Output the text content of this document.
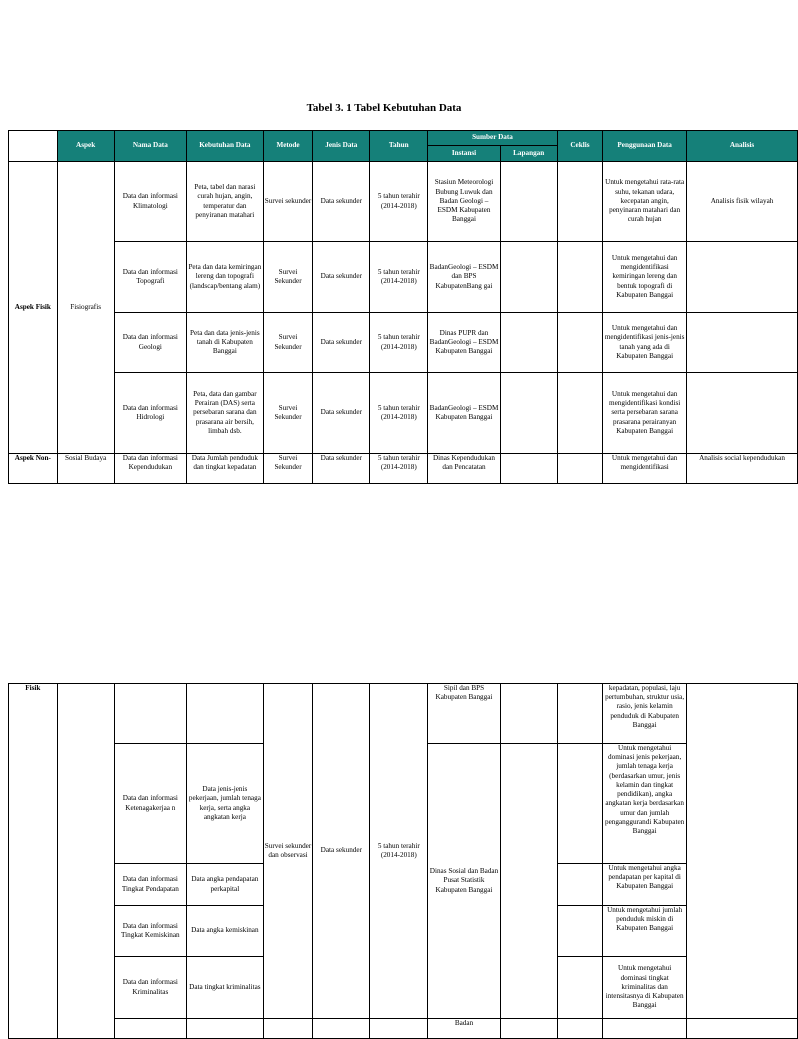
Tabel 3. 1 Tabel Kebutuhan Data
	Aspek	Nama Data	Kebutuhan Data	Metode	Jenis Data	Tahun	Sumber Data		Ceklis	Penggunaan Data	Analisis
							Instansi	Lapangan			
Aspek Fisik	Fisiografis	Data dan informasi Klimatologi	Peta, tabel dan narasi curah hujan, angin, temperatur dan penyiranan matahari	Survei sekunder	Data sekunder	5 tahun terahir (2014-2018)	Stasiun Meteorologi Bubung Luwuk dan Badan Geologi – ESDM Kabupaten Banggai			Untuk mengetahui rata-rata suhu, tekanan udara, kecepatan angin, penyinaran matahari dan curah hujan	Analisis fisik wilayah
		Data dan informasi Topografi	Peta dan data kemiringan lereng dan topografi (landscap/bentang alam)	Survei Sekunder	Data sekunder	5 tahun terahir (2014-2018)	BadanGeologi – ESDM dan BPS KabupatenBang gai			Untuk mengetahui dan mengidentifikasi kemiringan lereng dan bentuk topografi di Kabupaten Banggai	
		Data dan informasi Geologi	Peta dan data jenis-jenis tanah di Kabupaten Banggai	Survei Sekunder	Data sekunder	5 tahun terahir (2014-2018)	Dinas PUPR dan BadanGeologi – ESDM Kabupaten Banggai			Untuk mengetahui dan mengidentifikasi jenis-jenis tanah yang ada di Kabupaten Banggai	
		Data dan informasi Hidrologi	Peta, data dan gambar Perairan (DAS) serta persebaran sarana dan prasarana air bersih, limbah dsb.	Survei Sekunder	Data sekunder	5 tahun terahir (2014-2018)	BadanGeologi – ESDM Kabupaten Banggai			Untuk mengetahui dan mengidentifikasi kondisi serta persebaran sarana prasarana perairanyan Kabupaten Banggai	
Aspek Non-	Sosial Budaya	Data dan informasi Kependudukan	Data Jumlah penduduk dan tingkat kepadatan	Survei Sekunder	Data sekunder	5 tahun terahir (2014-2018)	Dinas Kependudukan dan Pencatatan			Untuk mengetahui dan mengidentifikasi	Analisis social kependudukan
Fisik				Survei sekunder dan observasi	Data sekunder	5 tahun terahir (2014-2018)	Sipil dan BPS Kabupaten Banggai			kepadatan, populasi, laju pertumbuhan, struktur usia, rasio, jenis kelamin penduduk di Kabupaten Banggai	
		Data dan informasi Ketenagakerjaa n	Data jenis-jenis pekerjaan, jumlah tenaga kerja, serta angka angkatan kerja				Dinas Sosial dan Badan Pusat Statistik Kabupaten Banggai			Untuk mengetahui dominasi jenis pekerjaan, jumlah tenaga kerja (berdasarkan umur, jenis kelamin dan tingkat pendidikan), angka angkatan kerja berdasarkan umur dan jumlah penganggurandi Kabupaten Banggai	
		Data dan informasi Tingkat Pendapatan	Data angka pendapatan perkapital							Untuk mengetahui angka pendapatan per kapital di Kabupaten Banggai	
		Data dan informasi Tingkat Kemiskinan	Data angka kemiskinan							Untuk mengetahui jumlah penduduk miskin di Kabupaten Banggai	
		Data dan informasi Kriminalitas	Data tingkat kriminalitas							Untuk mengetahui dominasi tingkat kriminalitas dan intensitasnya di Kabupaten Banggai	
							Badan				
